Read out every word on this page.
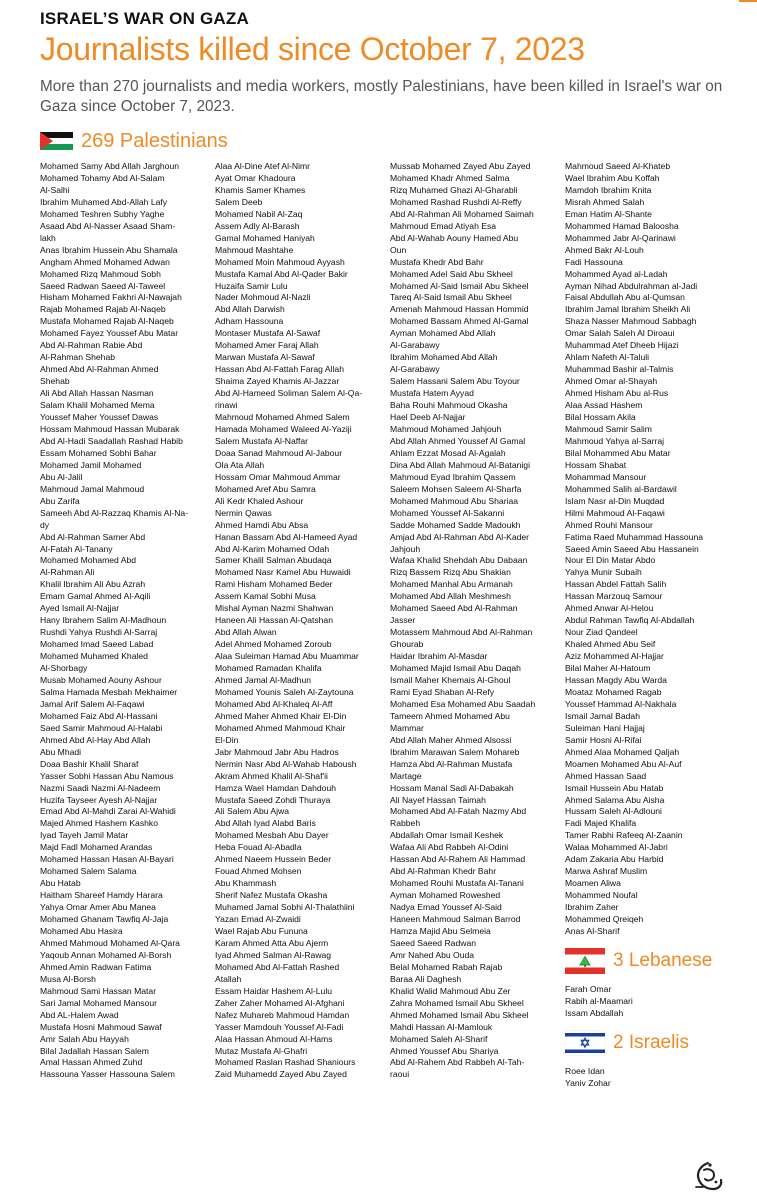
ISRAEL’S WAR ON GAZA
Journalists killed since October 7, 2023
More than 270 journalists and media workers, mostly Palestinians, have been killed in Israel's war on Gaza since October 7, 2023.
269 Palestinians
Mohamed Samy Abd Allah Jarghoun
Mohamed Tohamy Abd Al-Salam
Al-Salhi
Ibrahim Muhamed Abd-Allah Lafy
Mohamed Teshren Subhy Yaghe
Asaad Abd Al-Nasser Asaad Sham-
lakh
Anas Ibrahim Hussein Abu Shamala
Angham Ahmed Mohamed Adwan
Mohamed Rizq Mahmoud Sobh
Saeed Radwan Saeed Al-Taweel
Hisham Mohamed Fakhri Al-Nawajah
Rajab Mohamed Rajab Al-Naqeb
Mustafa Mohamed Rajab Al-Naqeb
Mohamed Fayez Youssef Abu Matar
Abd Al-Rahman Rabie Abd
Al-Rahman Shehab
Ahmed Abd Al-Rahman Ahmed
Shehab
Ali Abd Allah Hassan Nasman
Salam Khalil Mohamed Mema
Youssef Maher Youssef Dawas
Hossam Mahmoud Hassan Mubarak
Abd Al-Hadi Saadallah Rashad Habib
Essam Mohamed Sobhi Bahar
Mohamed Jamil Mohamed
Abu Al-Jalil
Mahmoud Jamal Mahmoud
Abu Zarifa
Sameeh Abd Al-Razzaq Khamis Al-Na-
dy
Abd Al-Rahman Samer Abd
Al-Fatah Al-Tanany
Mohamed Mohamed Abd
Al-Rahman Ali
Khalil Ibrahim Ali Abu Azrah
Emam Gamal Ahmed Al-Aqili
Ayed Ismail Al-Najjar
Hany Ibrahem Salim Al-Madhoun
Rushdi Yahya Rushdi Al-Sarraj
Mohamed Imad Saeed Labad
Mohamed Muhamed Khaled
Al-Shorbagy
Musab Mohamed Aouny Ashour
Salma Hamada Mesbah Mekhaimer
Jamal Arif Salem Al-Faqawi
Mohamed Faiz Abd Al-Hassani
Saed Samir Mahmoud Al-Halabi
Ahmed Abd Al-Hay Abd Allah
Abu Mhadi
Doaa Bashir Khalil Sharaf
Yasser Sobhi Hassan Abu Namous
Nazmi Saadi Nazmi Al-Nadeem
Huzifa Tayseer Ayesh Al-Najjar
Emad Abd Al-Mahdi Zarai Al-Wahidi
Majed Ahmed Hashem Kashko
Iyad Tayeh Jamil Matar
Majd Fadl Mohamed Arandas
Mohamed Hassan Hasan Al-Bayari
Mohamed Salem Salama
Abu Hatab
Haitham Shareef Hamdy Harara
Yahya Omar Amer Abu Manea
Mohamed Ghanam Tawfiq Al-Jaja
Mohamed Abu Hasira
Ahmed Mahmoud Mohamed Al-Qara
Yaqoub Annan Mohamed Al-Borsh
Ahmed Amin Radwan Fatima
Musa Al-Borsh
Mahmoud Sami Hassan Matar
Sari Jamal Mohamed Mansour
Abd AL-Halem Awad
Mustafa Hosni Mahmoud Sawaf
Amr Salah Abu Hayyah
Bilal Jadallah Hassan Salem
Amal Hassan Ahmed Zuhd
Hassouna Yasser Hassouna Salem
Alaa Al-Dine Atef Al-Nimr
Ayat Omar Khadoura
Khamis Samer Khames
Salem Deeb
Mohamed Nabil Al-Zaq
Assem Adly Al-Barash
Gamal Mohamed Haniyah
Mahmoud Mashtahe
Mohamed Moin Mahmoud Ayyash
Mustafa Kamal Abd Al-Qader Bakir
Huzaifa Samir Lulu
Nader Mohmoud Al-Nazli
Abd Allah Darwish
Adham Hassouna
Montaser Mustafa Al-Sawaf
Mohamed Amer Faraj Allah
Marwan Mustafa Al-Sawaf
Hassan Abd Al-Fattah Farag Allah
Shaima Zayed Khamis Al-Jazzar
Abd Al-Hameed Soliman Salem Al-Qa-
rinawi
Mahmoud Mohamed Ahmed Salem
Hamada Mohamed Waleed Al-Yaziji
Salem Mustafa Al-Naffar
Doaa Sanad Mahmoud Al-Jabour
Ola Ata Allah
Hossam Omar Mahmoud Ammar
Mohamed Aref Abu Samra
Ali Kedr Khaled Ashour
Nermin Qawas
Ahmed Hamdi Abu Absa
Hanan Bassam Abd Al-Hameed Ayad
Abd Al-Karim Mohamed Odah
Samer Khalil Salman Abudaqa
Mohamed Nasr Kamel Abu Huwaidi
Rami Hisham Mohamed Beder
Assem Kamal Sobhi Musa
Mishal Ayman Nazmi Shahwan
Haneen Ali Hassan Al-Qatshan
Abd Allah Alwan
Adel Ahmed Mohamed Zoroub
Alaa Suleiman Hamad Abu Muammar
Mohamed Ramadan Khalifa
Ahmed Jamal Al-Madhun
Mohamed Younis Saleh Al-Zaytouna
Mohamed Abd Al-Khaleq Al-Aff
Ahmed Maher Ahmed Khair El-Din
Mohamed Ahmed Mahmoud Khair
El-Din
Jabr Mahmoud Jabr Abu Hadros
Nermin Nasr Abd Al-Wahab Haboush
Akram Ahmed Khalil Al-Shaf'ii
Hamza Wael Hamdan Dahdouh
Mustafa Saeed Zohdi Thuraya
Ali Salem Abu Ajwa
Abd Allah Iyad Alabd Baris
Mohamed Mesbah Abu Dayer
Heba Fouad Al-Abadla
Ahmed Naeem Hussein Beder
Fouad Ahmed Mohsen
Abu Khammash
Sherif Nafez Mustafa Okasha
Muhamed Jamal Sobhi Al-Thalathiini
Yazan Emad Al-Zwaidi
Wael Rajab Abu Fununa
Karam Ahmed Atta Abu Ajerm
Iyad Ahmed Salman Al-Rawag
Mohamed Abd Al-Fattah Rashed
Atallah
Essam Haidar Hashem Al-Lulu
Zaher Zaher Mohamed Al-Afghani
Nafez Muhareb Mahmoud Hamdan
Yasser Mamdouh Youssef Al-Fadi
Alaa Hassan Ahmoud Al-Hams
Mutaz Mustafa Al-Ghafri
Mohamed Raslan Rashad Shaniours
Zaid Muhamedd Zayed Abu Zayed
Mussab Mohamed Zayed Abu Zayed
Mohamed Khadr Ahmed Salma
Rizq Muhamed Ghazi Al-Gharabli
Mohamed Rashad Rushdi Al-Reffy
Abd Al-Rahman Ali Mohamed Saimah
Mahmoud Emad Atiyah Esa
Abd Al-Wahab Aouny Hamed Abu
Oun
Mustafa Khedr Abd Bahr
Mohamed Adel Said Abu Skheel
Mohamed Al-Said Ismail Abu Skheel
Tareq Al-Said Ismail Abu Skheel
Amenah Mahmoud Hassan Hommid
Mohamed Bassam Ahmed Al-Gamal
Ayman Mohamed Abd Allah
Al-Garabawy
Ibrahim Mohamed Abd Allah
Al-Garabawy
Salem Hassani Salem Abu Toyour
Mustafa Hatem Ayyad
Baha Rouhi Mahmoud Okasha
Hael Deeb Al-Najjar
Mahmoud Mohamed Jahjouh
Abd Allah Ahmed Youssef Al Gamal
Ahlam Ezzat Mosad Al-Agalah
Dina Abd Allah Mahmoud Al-Batanigi
Mahmoud Eyad Ibrahim Qassem
Saleem Mohsen Saleem Al-Sharfa
Mohamed Mahmoud Abu Shariaa
Mohamed Youssef Al-Sakanni
Sadde Mohamed Sadde Madoukh
Amjad Abd Al-Rahman Abd Al-Kader
Jahjouh
Wafaa Khalid Shehdah Abu Dabaan
Rizq Bassem Rizq Abu Shakian
Mohamed Manhal Abu Armanah
Mohamed Abd Allah Meshmesh
Mohamed Saeed Abd Al-Rahman
Jasser
Motassem Mahmoud Abd Al-Rahman
Ghourab
Haidar Ibrahim Al-Masdar
Mohamed Majid Ismail Abu Daqah
Ismail Maher Khemais Al-Ghoul
Rami Eyad Shaban Al-Refy
Mohamed Esa Mohamed Abu Saadah
Tameem Ahmed Mohamed Abu
Mammar
Abd Allah Maher Ahmed Alsossi
Ibrahim Marawan Salem Mohareb
Hamza Abd Al-Rahman Mustafa
Martage
Hossam Manal Sadi Al-Dabakah
Ali Nayef Hassan Taimah
Mohamed Abd Al-Fatah Nazmy Abd
Rabbeh
Abdallah Omar Ismail Keshek
Wafaa Ali Abd Rabbeh Al-Odini
Hassan Abd Al-Rahem Ali Hammad
Abd Al-Rahman Khedr Bahr
Mohamed Rouhi Mustafa Al-Tanani
Ayman Mohamed Roweshed
Nadya Emad Youssef Al-Said
Haneen Mahmoud Salman Barrod
Hamza Majid Abu Selmeia
Saeed Saeed Radwan
Amr Nahed Abu Ouda
Belal Mohamed Rabah Rajab
Baraa Ali Daghesh
Khalid Walid Mahmoud Abu Zer
Zahra Mohamed Ismail Abu Skheel
Ahmed Mohamed Ismail Abu Skheel
Mahdi Hassan Al-Mamlouk
Mohamed Saleh Al-Sharif
Ahmed Youssef Abu Shariya
Abd Al-Rahem Abd Rabbeh Al-Tah-
raoui
Mahmoud Saeed Al-Khateb
Wael Ibrahim Abu Koffah
Mamdoh Ibrahim Knita
Misrah Ahmed Salah
Eman Hatim Al-Shante
Mohammed Hamad Baloosha
Mohammed Jabr Al-Qarinawi
Ahmed Bakr Al-Louh
Fadi Hassouna
Mohammed Ayad al-Ladah
Ayman Nihad Abdulrahman al-Jadi
Faisal Abdullah Abu al-Qumsan
Ibrahim Jamal Ibrahim Sheikh Ali
Shaza Nasser Mahmoud Sabbagh
Omar Salah Saleh Al Diroaui
Muhammad Atef Dheeb Hijazi
Ahlam Nafeth Al-Taluli
Muhammad Bashir al-Talmis
Ahmed Omar al-Shayah
Ahmed Hisham Abu al-Rus
Alaa Assad Hashem
Bilal Hossam Akila
Mahmoud Samir Salim
Mahmoud Yahya al-Sarraj
Bilal Mohammed Abu Matar
Hossam Shabat
Mohammad Mansour
Mohammed Salih al-Bardawil
Islam Nasr al-Din Muqdad
Hilmi Mahmoud Al-Faqawi
Ahmed Rouhi Mansour
Fatima Raed Muhammad Hassouna
Saeed Amin Saeed Abu Hassanein
Nour El Din Matar Abdo
Yahya Munir Subaih
Hassan Abdel Fattah Salih
Hassan Marzouq Samour
Ahmed Anwar Al-Helou
Abdul Rahman Tawfiq Al-Abdallah
Nour Ziad Qandeel
Khaled Ahmed Abu Seif
Aziz Mohammed Al-Hajjar
Bilal Maher Al-Hatoum
Hassan Magdy Abu Warda
Moataz Mohamed Ragab
Youssef Hammad Al-Nakhala
Ismail Jamal Badah
Suleiman Hani Hajjaj
Samir Hosni Al-Rifai
Ahmed Alaa Mohamed Qaljah
Moamen Mohamed Abu Al-Auf
Ahmed Hassan Saad
Ismail Hussein Abu Hatab
Ahmed Salama Abu Aisha
Hussam Saleh Al-Adlouni
Fadi Majed Khalifa
Tamer Rabhi Rafeeq Al-Zaanin
Walaa Mohammed Al-Jabri
Adam Zakaria Abu Harbid
Marwa Ashraf Muslim
Moamen Aliwa
Mohammed Noufal
Ibrahim Zaher
Mohammed Qreiqeh
Anas Al-Sharif
3 Lebanese
Farah Omar
Rabih al-Maamari
Issam Abdallah
2 Israelis
Roee Idan
Yaniv Zohar
